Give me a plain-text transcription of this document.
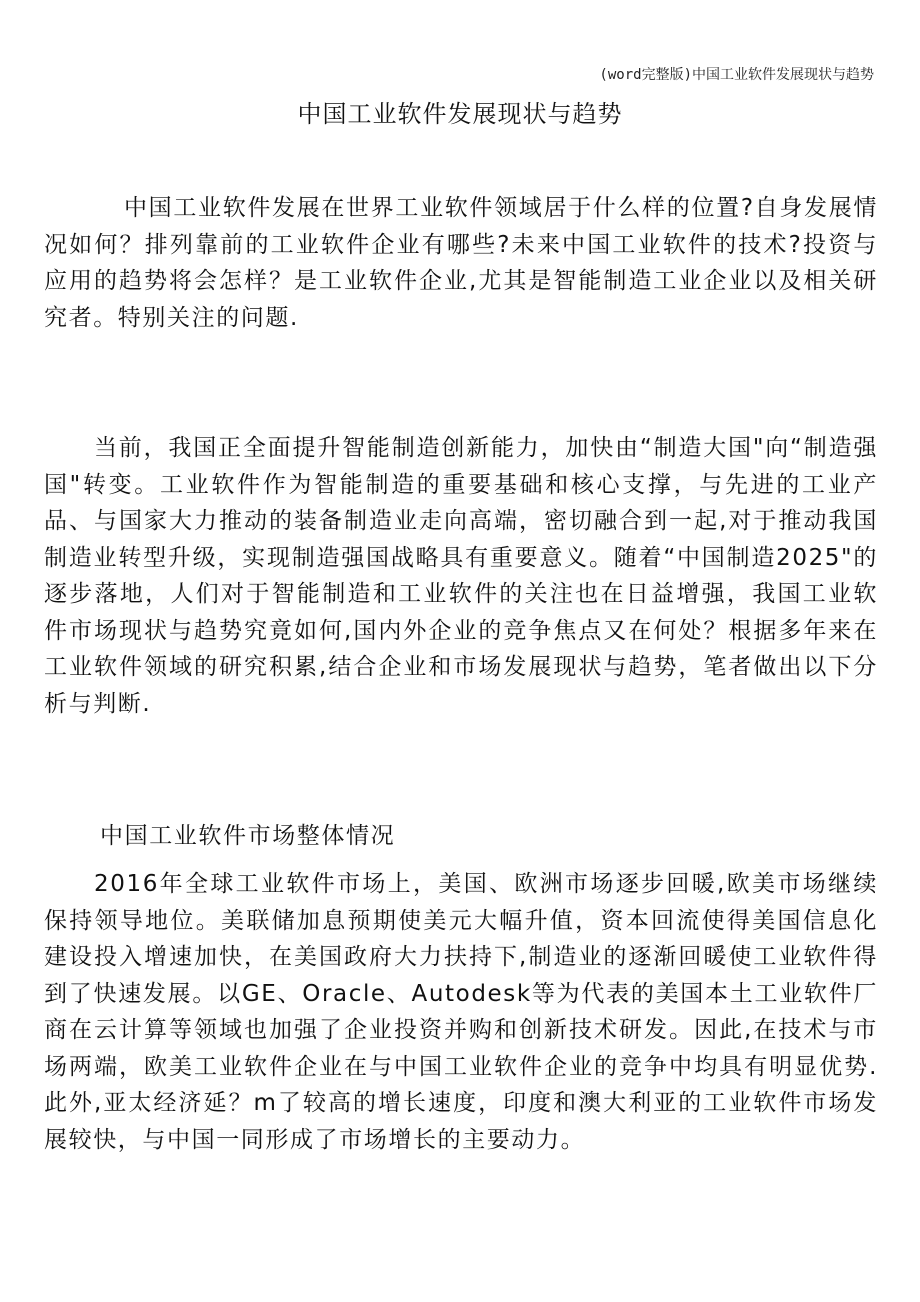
(word完整版)中国工业软件发展现状与趋势
中国工业软件发展现状与趋势

中国工业软件发展在世界工业软件领域居于什么样的位置?自身发展情况如何？排列靠前的工业软件企业有哪些?未来中国工业软件的技术?投资与应用的趋势将会怎样？是工业软件企业,尤其是智能制造工业企业以及相关研究者。特别关注的问题.

当前，我国正全面提升智能制造创新能力，加快由“制造大国"向“制造强国"转变。工业软件作为智能制造的重要基础和核心支撑，与先进的工业产品、与国家大力推动的装备制造业走向高端，密切融合到一起,对于推动我国制造业转型升级，实现制造强国战略具有重要意义。随着“中国制造2025"的逐步落地，人们对于智能制造和工业软件的关注也在日益增强，我国工业软件市场现状与趋势究竟如何,国内外企业的竞争焦点又在何处？根据多年来在工业软件领域的研究积累,结合企业和市场发展现状与趋势，笔者做出以下分析与判断.

中国工业软件市场整体情况

2016年全球工业软件市场上，美国、欧洲市场逐步回暖,欧美市场继续保持领导地位。美联储加息预期使美元大幅升值，资本回流使得美国信息化建设投入增速加快，在美国政府大力扶持下,制造业的逐渐回暖使工业软件得到了快速发展。以GE、Oracle、Autodesk等为代表的美国本土工业软件厂商在云计算等领域也加强了企业投资并购和创新技术研发。因此,在技术与市场两端，欧美工业软件企业在与中国工业软件企业的竞争中均具有明显优势.此外,亚太经济延？m了较高的增长速度，印度和澳大利亚的工业软件市场发展较快，与中国一同形成了市场增长的主要动力。
